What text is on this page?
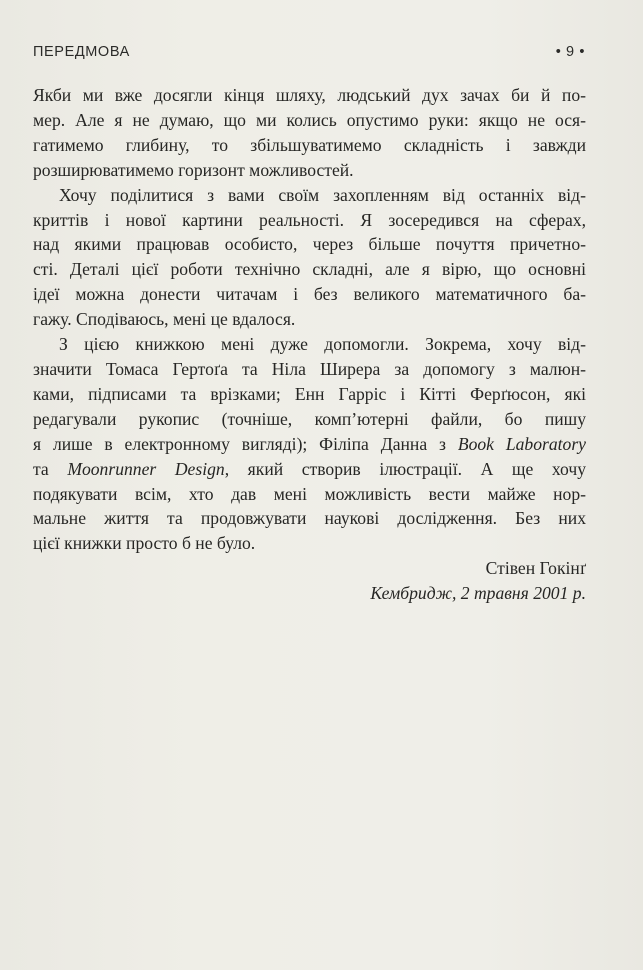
ПЕРЕДМОВА	• 9 •
Якби ми вже досягли кінця шляху, людський дух зачах би й по-
мер. Але я не думаю, що ми колись опустимо руки: якщо не ося-
гатимемо глибину, то збільшуватимемо складність і завжди
розширюватимемо горизонт можливостей.
Хочу поділитися з вами своїм захопленням від останніх від-
криттів і нової картини реальності. Я зосередився на сферах,
над якими працював особисто, через більше почуття причетно-
сті. Деталі цієї роботи технічно складні, але я вірю, що основні
ідеї можна донести читачам і без великого математичного ба-
гажу. Сподіваюсь, мені це вдалося.
З цією книжкою мені дуже допомогли. Зокрема, хочу від-
значити Томаса Гертоґа та Ніла Ширера за допомогу з малюн-
ками, підписами та врізками; Енн Гарріс і Кітті Ферґюсон, які
редагували рукопис (точніше, комп’ютерні файли, бо пишу
я лише в електронному вигляді); Філіпа Данна з Book Laboratory
та Moonrunner Design, який створив ілюстрації. А ще хочу
подякувати всім, хто дав мені можливість вести майже нор-
мальне життя та продовжувати наукові дослідження. Без них
цієї книжки просто б не було.
Стівен Гокінґ
Кембридж, 2 травня 2001 р.
